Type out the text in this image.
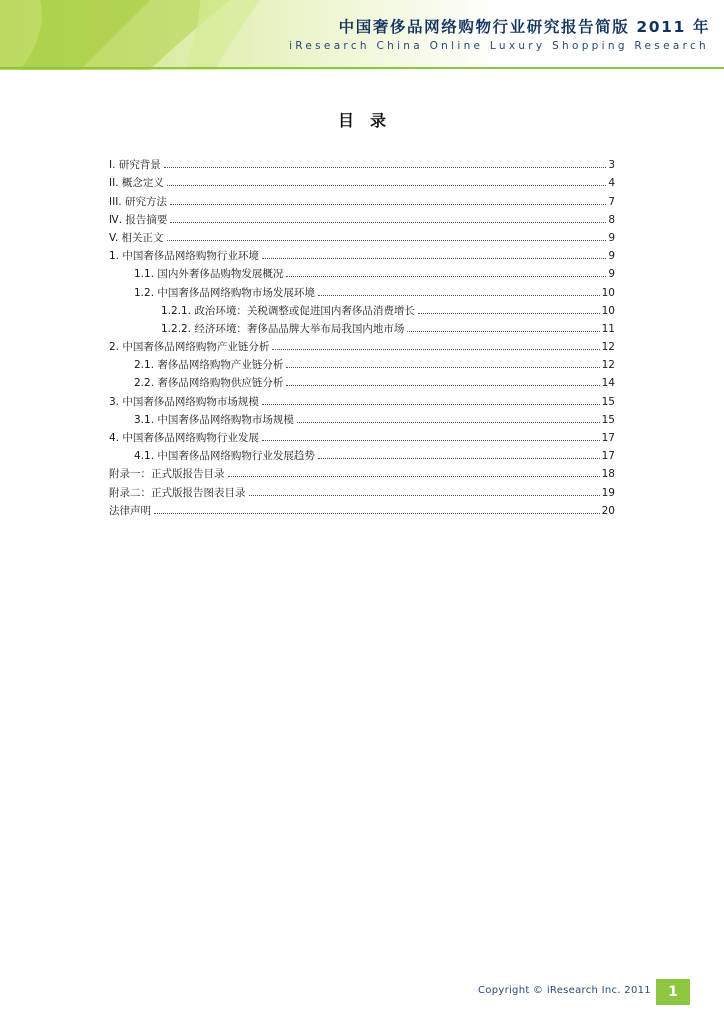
中国奢侈品网络购物行业研究报告简版 2011 年
iResearch China Online Luxury Shopping Research
目录
I. 研究背景	3
II. 概念定义	4
III. 研究方法	7
Ⅳ. 报告摘要	8
V. 相关正文	9
1. 中国奢侈品网络购物行业环境	9
1.1. 国内外奢侈品购物发展概况	9
1.2. 中国奢侈品网络购物市场发展环境	10
1.2.1. 政治环境：关税调整或促进国内奢侈品消费增长	10
1.2.2. 经济环境：奢侈品品牌大举布局我国内地市场	11
2. 中国奢侈品网络购物产业链分析	12
2.1. 奢侈品网络购物产业链分析	12
2.2. 奢侈品网络购物供应链分析	14
3. 中国奢侈品网络购物市场规模	15
3.1. 中国奢侈品网络购物市场规模	15
4. 中国奢侈品网络购物行业发展	17
4.1. 中国奢侈品网络购物行业发展趋势	17
附录一：正式版报告目录	18
附录二：正式版报告图表目录	19
法律声明	20
Copyright © iResearch Inc. 2011	1
